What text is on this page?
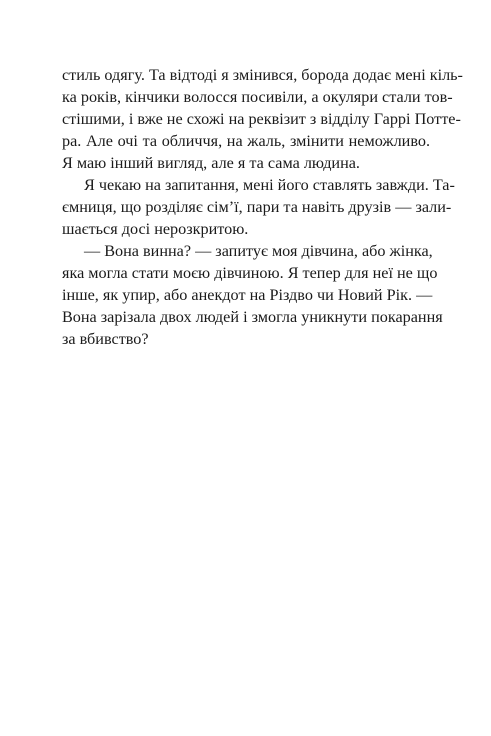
стиль одягу. Та відтоді я змінився, борода додає мені кіль-
ка років, кінчики волосся посивіли, а окуляри стали тов-
стішими, і вже не схожі на реквізит з відділу Гаррі Потте-
ра. Але очі та обличчя, на жаль, змінити неможливо.
Я маю інший вигляд, але я та сама людина.
Я чекаю на запитання, мені його ставлять завжди. Та-
ємниця, що розділяє сім’ї, пари та навіть друзів — зали-
шається досі нерозкритою.
— Вона винна? — запитує моя дівчина, або жінка,
яка могла стати моєю дівчиною. Я тепер для неї не що
інше, як упир, або анекдот на Різдво чи Новий Рік. —
Вона зарізала двох людей і змогла уникнути покарання
за вбивство?
